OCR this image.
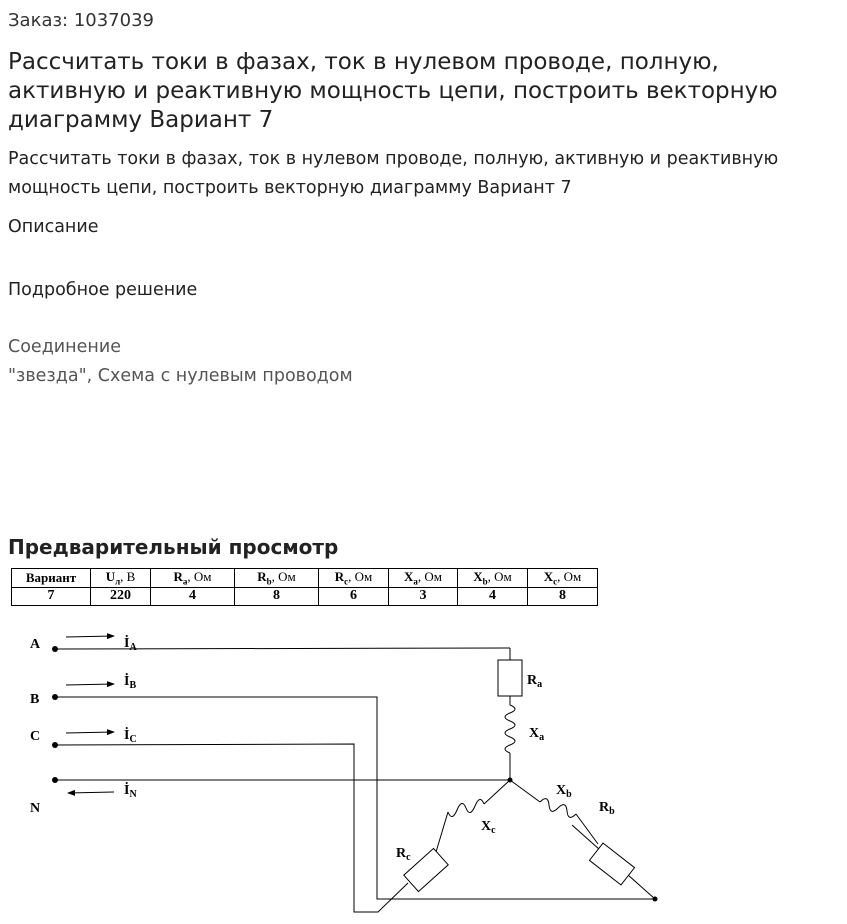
Заказ: 1037039
Рассчитать токи в фазах, ток в нулевом проводе, полную, активную и реактивную мощность цепи, построить векторную диаграмму Вариант 7
Рассчитать токи в фазах, ток в нулевом проводе, полную, активную и реактивную мощность цепи, построить векторную диаграмму Вариант 7
Описание
Подробное решение
Соединение
"звезда", Схема с нулевым проводом
Предварительный просмотр
Вариант	$U_л$, В	$R_a$, Ом	$R_b$, Ом	$R_c$, Ом	$X_a$, Ом	$X_b$, Ом	$X_c$, Ом
7	220	4	8	6	3	4	8
A
B
C
N
$İ_A$
$İ_B$
$İ_C$
$İ_N$
$R_a$
$X_a$
$X_b$
$R_b$
$X_c$
$R_c$
